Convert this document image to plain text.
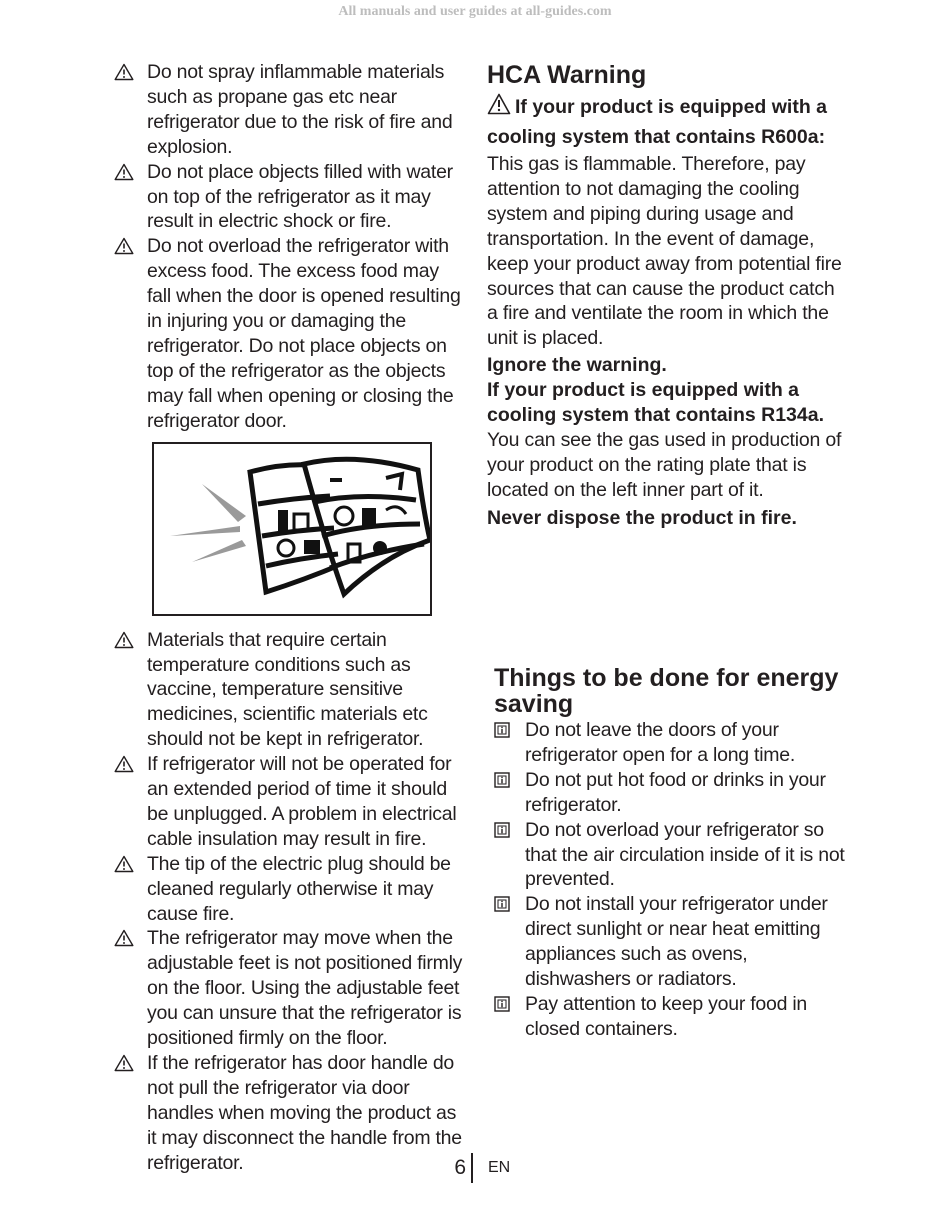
All manuals and user guides at all-guides.com
Do not spray inflammable materials such as propane gas etc near refrigerator due to the risk of fire and explosion.
Do not place objects filled with water on top of the refrigerator as it may result in electric shock or fire.
Do not overload the refrigerator with excess food. The excess food may fall when the door is opened resulting in injuring you or damaging the refrigerator. Do not place objects on top of the refrigerator as the objects may fall when opening or closing the refrigerator door.
Materials that require certain temperature conditions such as vaccine, temperature sensitive medicines, scientific materials etc should not be kept in refrigerator.
If refrigerator will not be operated for an extended period of time it should be unplugged. A problem in electrical cable insulation may result in fire.
The tip of the electric plug should be cleaned regularly otherwise it may cause fire.
The refrigerator may move when the adjustable feet is not positioned firmly on the floor. Using the adjustable feet you can unsure that the refrigerator is positioned firmly on the floor.
If the refrigerator has door handle do not pull the refrigerator via door handles when moving the product as it may disconnect the handle from the refrigerator.
HCA Warning

If your product is equipped with a cooling system that contains R600a:

This gas is flammable. Therefore, pay attention to not damaging the cooling system and piping during usage and transportation. In the event of damage, keep your product away from potential fire sources that can cause the product catch a fire and ventilate the room in which the unit is placed.

Ignore the warning.

If your product is equipped with a cooling system that contains R134a.

You can see the gas used in production of your product on the rating plate that is located on the left inner part of it.

Never dispose the product in fire.

Things to be done for energy saving
Do not leave the doors of your refrigerator open for a long time.
Do not put hot food or drinks in your refrigerator.
Do not overload your refrigerator so that the air circulation inside of it is not prevented.
Do not install your refrigerator under direct sunlight or near heat emitting appliances such as ovens, dishwashers or radiators.
Pay attention to keep your food in closed containers.
6 EN
